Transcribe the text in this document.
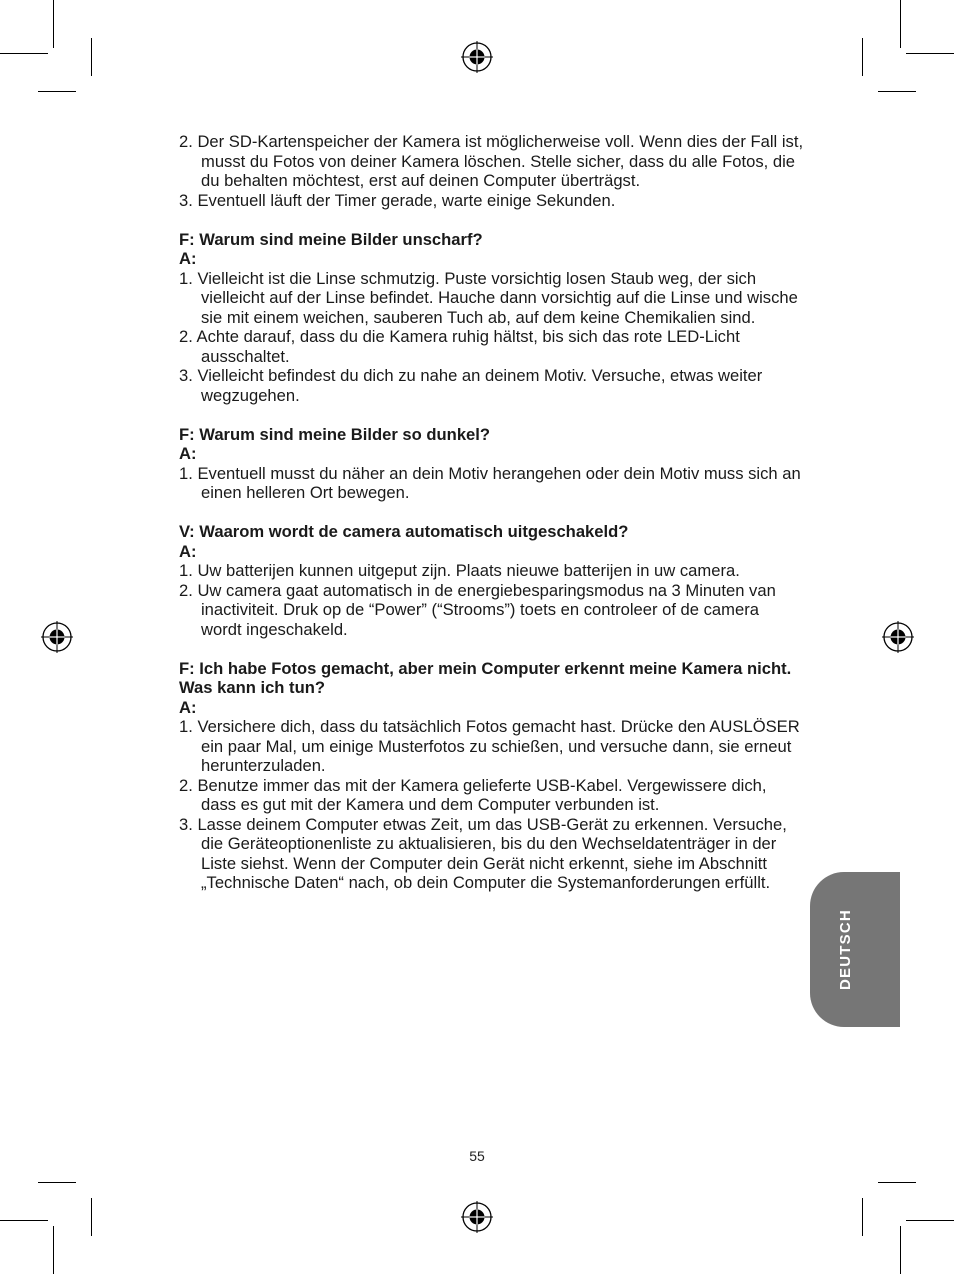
2. Der SD-Kartenspeicher der Kamera ist möglicherweise voll. Wenn dies der Fall ist, musst du Fotos von deiner Kamera löschen. Stelle sicher, dass du alle Fotos, die du behalten möchtest, erst auf deinen Computer überträgst.

3. Eventuell läuft der Timer gerade, warte einige Sekunden.

F: Warum sind meine Bilder unscharf?

A:

1. Vielleicht ist die Linse schmutzig. Puste vorsichtig losen Staub weg, der sich vielleicht auf der Linse befindet. Hauche dann vorsichtig auf die Linse und wische sie mit einem weichen, sauberen Tuch ab, auf dem keine Chemikalien sind.

2. Achte darauf, dass du die Kamera ruhig hältst, bis sich das rote LED-Licht ausschaltet.

3. Vielleicht befindest du dich zu nahe an deinem Motiv. Versuche, etwas weiter wegzugehen.

F: Warum sind meine Bilder so dunkel?

A:

1. Eventuell musst du näher an dein Motiv herangehen oder dein Motiv muss sich an einen helleren Ort bewegen.

V: Waarom wordt de camera automatisch uitgeschakeld?

A:

1. Uw batterijen kunnen uitgeput zijn. Plaats nieuwe batterijen in uw camera.

2. Uw camera gaat automatisch in de energiebesparingsmodus na 3 Minuten van inactiviteit. Druk op de “Power” (“Strooms”) toets en controleer of de camera wordt ingeschakeld.

F: Ich habe Fotos gemacht, aber mein Computer erkennt meine Kamera nicht. Was kann ich tun?

A:

1. Versichere dich, dass du tatsächlich Fotos gemacht hast. Drücke den AUSLÖSER ein paar Mal, um einige Musterfotos zu schießen, und versuche dann, sie erneut herunterzuladen.

2. Benutze immer das mit der Kamera gelieferte USB-Kabel. Vergewissere dich, dass es gut mit der Kamera und dem Computer verbunden ist.

3. Lasse deinem Computer etwas Zeit, um das USB-Gerät zu erkennen. Versuche, die Geräteoptionenliste zu aktualisieren, bis du den Wechseldatenträger in der Liste siehst. Wenn der Computer dein Gerät nicht erkennt, siehe im Abschnitt „Technische Daten“ nach, ob dein Computer die Systemanforderungen erfüllt.

DEUTSCH
55
